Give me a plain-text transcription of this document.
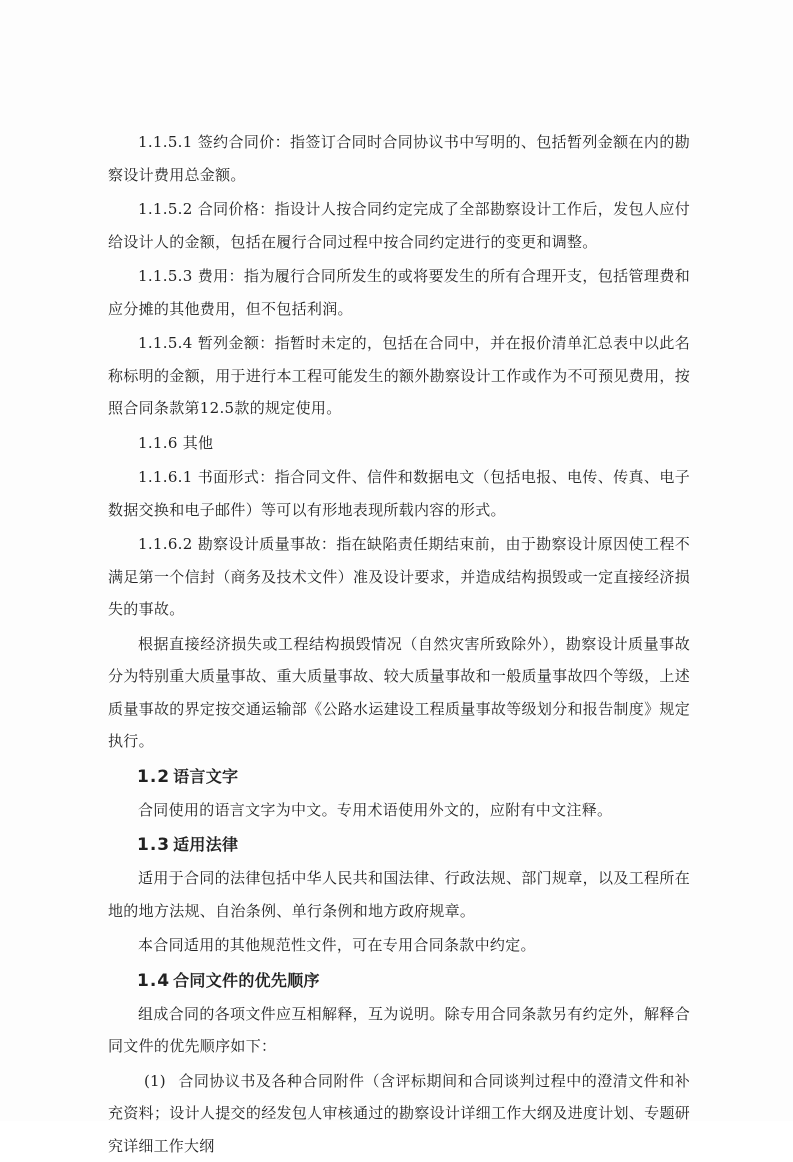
1.1.5.1 签约合同价：指签订合同时合同协议书中写明的、包括暂列金额在内的勘察设计费用总金额。

1.1.5.2 合同价格：指设计人按合同约定完成了全部勘察设计工作后，发包人应付给设计人的金额，包括在履行合同过程中按合同约定进行的变更和调整。

1.1.5.3 费用：指为履行合同所发生的或将要发生的所有合理开支，包括管理费和应分摊的其他费用，但不包括利润。

1.1.5.4 暂列金额：指暂时未定的，包括在合同中，并在报价清单汇总表中以此名称标明的金额，用于进行本工程可能发生的额外勘察设计工作或作为不可预见费用，按照合同条款第12.5款的规定使用。

1.1.6 其他

1.1.6.1 书面形式：指合同文件、信件和数据电文（包括电报、电传、传真、电子数据交换和电子邮件）等可以有形地表现所载内容的形式。

1.1.6.2 勘察设计质量事故：指在缺陷责任期结束前，由于勘察设计原因使工程不满足第一个信封（商务及技术文件）准及设计要求，并造成结构损毁或一定直接经济损失的事故。

根据直接经济损失或工程结构损毁情况（自然灾害所致除外），勘察设计质量事故分为特别重大质量事故、重大质量事故、较大质量事故和一般质量事故四个等级，上述质量事故的界定按交通运输部《公路水运建设工程质量事故等级划分和报告制度》规定执行。

1.2 语言文字

合同使用的语言文字为中文。专用术语使用外文的，应附有中文注释。

1.3 适用法律

适用于合同的法律包括中华人民共和国法律、行政法规、部门规章，以及工程所在地的地方法规、自治条例、单行条例和地方政府规章。

本合同适用的其他规范性文件，可在专用合同条款中约定。

1.4 合同文件的优先顺序

组成合同的各项文件应互相解释，互为说明。除专用合同条款另有约定外，解释合同文件的优先顺序如下：

(1) 合同协议书及各种合同附件（含评标期间和合同谈判过程中的澄清文件和补充资料；设计人提交的经发包人审核通过的勘察设计详细工作大纲及进度计划、专题研究详细工作大纲
